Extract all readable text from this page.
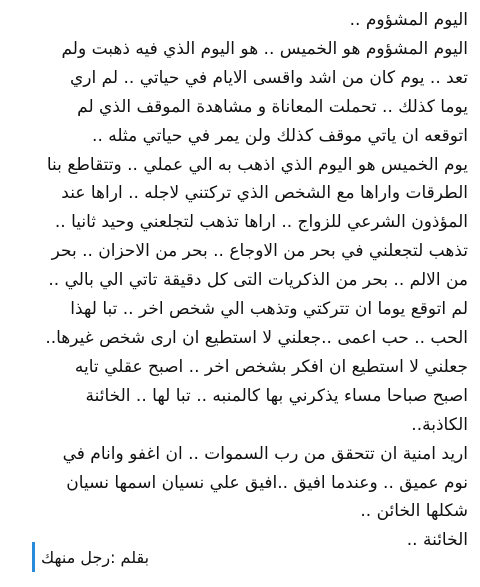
اليوم المشؤوم ..
اليوم المشؤوم هو الخميس .. هو اليوم الذي فيه ذهبت ولم
تعد .. يوم كان من اشد واقسى الايام في حياتي .. لم اري
يوما كذلك .. تحملت المعاناة و مشاهدة الموقف الذي لم
اتوقعه ان ياتي موقف كذلك ولن يمر في حياتي مثله ..
يوم الخميس هو اليوم الذي اذهب به الي عملي .. وتتقاطع بنا
الطرقات واراها مع الشخص الذي تركتني لاجله .. اراها عند
المؤذون الشرعي للزواج .. اراها تذهب لتجلعني وحيد ثانيا ..
تذهب لتجعلني في بحر من الاوجاع .. بحر من الاحزان .. بحر
من الالم .. بحر من الذكريات التى كل دقيقة تاتي الي بالي ..
لم اتوقع يوما ان تتركتي وتذهب الي شخص اخر .. تبا لهذا
الحب .. حب اعمى ..جعلني لا استطيع ان ارى شخص غيرها..
جعلني لا استطيع ان افكر بشخص اخر .. اصبح عقلي تايه
اصبح صباحا مساء يذكرني بها كالمنبه .. تبا لها .. الخائنة
الكاذبة..
اريد امنية ان تتحقق من رب السموات .. ان اغفو وانام في
نوم عميق .. وعندما افيق ..افيق علي نسيان اسمها نسيان
شكلها الخائن ..
الخائنة ..
بقلم :رجل منهك
